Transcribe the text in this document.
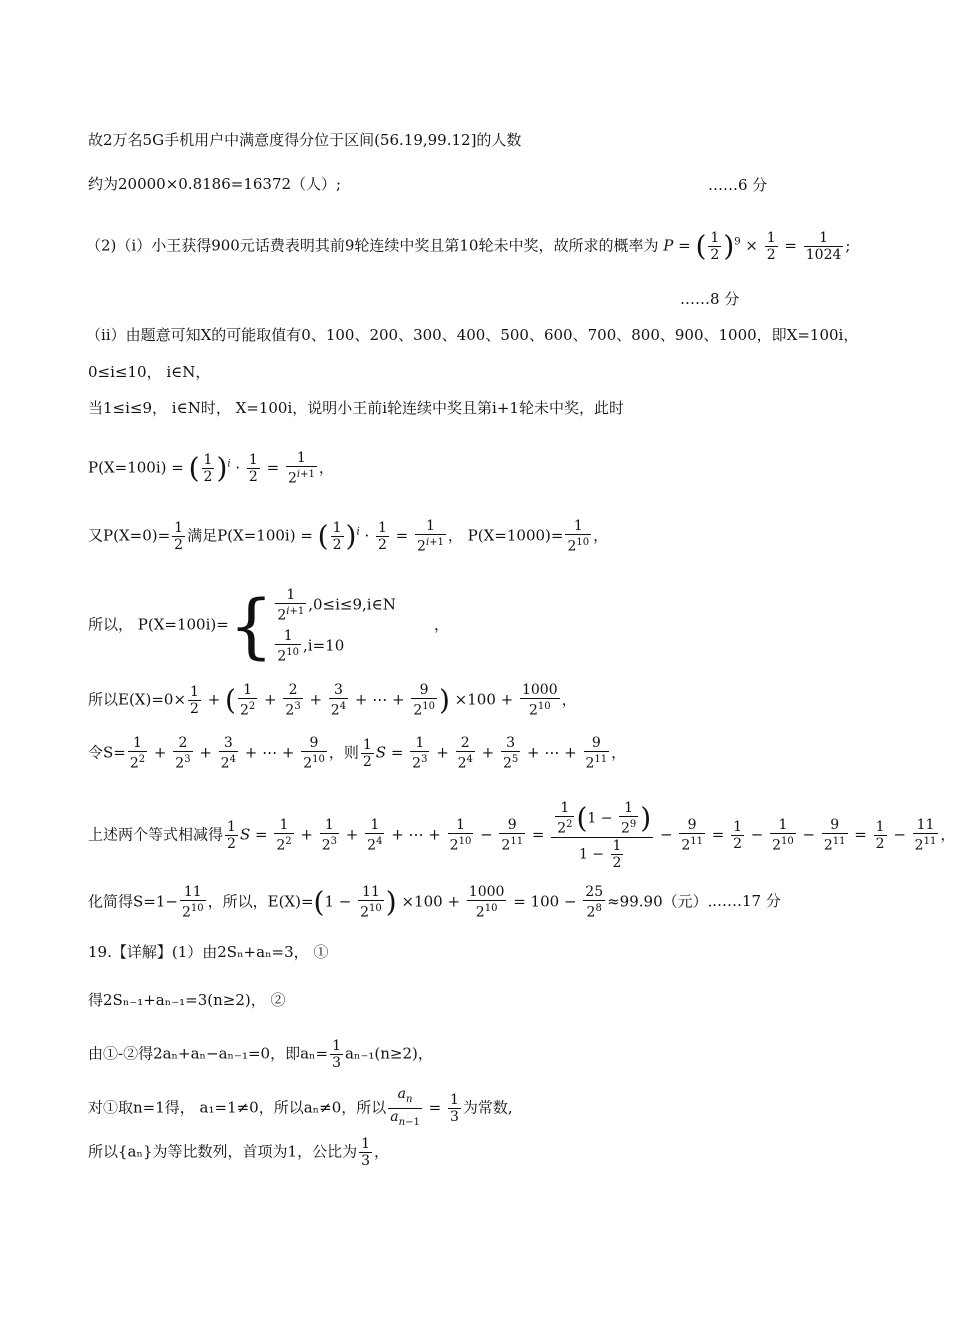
故2万名5G手机用户中满意度得分位于区间(56.19,99.12]的人数
约为20000×0.8186=16372（人）;	……6 分
（2)（ⅰ）小王获得900元话费表明其前9轮连续中奖且第10轮未中奖，故所求的概率为 P = ( $\frac{1}{2} )^9 \times \frac{1}{2} = \frac{1}{1024}$ ;
……8 分
（ⅱ）由题意可知X的可能取值有0、100、200、300、400、500、600、700、800、900、1000，即X=100i，
0≤i≤10， i∈N，
当1≤i≤9， i∈N时， X=100i，说明小王前i轮连续中奖且第i+1轮未中奖，此时
P(X=100i) = ( $\frac{1}{2} )^i \cdot \frac{1}{2} = \frac{1}{2^{i+1}}$ ，
又$P(X=0)= \frac{1}{2}$ 满足P(X=100i) = ( $\frac{1}{2} )^i \cdot \frac{1}{2} = \frac{1}{2^{i+1}}$ ， $P(X=1000)= \frac{1}{2^{10}}$ ，
所以， $P(X=100i)=\{ \frac{1}{2^{i+1}}$ ,0≤i≤9,i∈N
$\frac{1}{2^{10}} ,i=10$
，
所以$E(X)=0\times \frac{1}{2}$ + ( $\frac{1}{2^2} + \frac{2}{2^3} + \frac{3}{2^4}$ + ⋯ + $\frac{9}{2^{10}}$ ) $\times 100 + \frac{1000}{2^{10}}$ ，
令$S= \frac{1}{2^2} + \frac{2}{2^3} + \frac{3}{2^4}$ + ⋯ + $\frac{9}{2^{10}}$ ，则 $\frac{1}{2}$ $S = \frac{1}{2^3} + \frac{2}{2^4} + \frac{3}{2^5}$ + ⋯ + $\frac{9}{2^{11}}$ ，
上述两个等式相减得 $\frac{1}{2}$ $S = \frac{1}{2^2} + \frac{1}{2^3} + \frac{1}{2^4}$ + ⋯ + $\frac{1}{2^{10}} - \frac{9}{2^{11}} = \frac{\frac{1}{2^2} (1 - \frac{1}{2^9} )}{1 - \frac{1}{2}} - \frac{9}{2^{11}} = \frac{1}{2} - \frac{1}{2^{10}} - \frac{9}{2^{11}} = \frac{1}{2} - \frac{11}{2^{11}}$ ，
化简得$S=1- \frac{11}{2^{10}}$ ，所以，$E(X)=(1 - \frac{11}{2^{10}}$ ) $\times 100 + \frac{1000}{2^{10}} = 100 - \frac{25}{2^8} \approx 99.90$（元）. ……17 分
19.【详解】(1）由2Sₙ+aₙ=3， ①
得2Sₙ₋₁+aₙ₋₁=3(n≥2)， ②
由①-②得2aₙ+aₙ−aₙ₋₁=0，即$a_n= \frac{1}{3} a_{n-1}(n\ge 2)$，
对①取n=1得， a₁=1≠0，所以aₙ≠0，所以 $\frac{a_n}{a_{n-1}} = \frac{1}{3}$ 为常数,
所以{aₙ}为等比数列，首项为1，公比为 $\frac{1}{3}$ ，
